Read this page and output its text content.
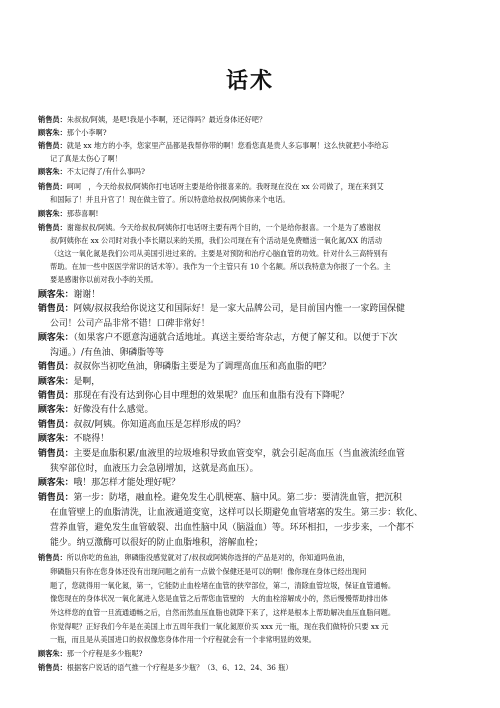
话术
销售员：朱叔叔/阿姨，是吧!我是小李啊，还记得吗？最近身体还好吧？
顾客朱：那个小李啊?
销售员：就是 xx 地方的小李，您家里产品都是我帮你带的啊！您看您真是贵人多忘事啊！这么快就把小李给忘
记了真是太伤心了啊！
顾客朱：不太记得了/有什么事吗?
销售员：呵呵　，今天给叔叔/阿姨你打电话呀主要是给你报喜来的。我呀现在没在 xx 公司做了，现在来到艾
和国际了！并且升官了！现在做主管了。所以特意给叔叔/阿姨你来个电话。
顾客朱：那恭喜啊!
销售员：谢谢叔叔/阿姨。今天给叔叔/阿姨你打电话呀主要有两个目的，一个是给你报喜。一个是为了感谢叔
叔/阿姨你在 xx 公司时对我小李长期以来的关照，我们公司现在有个活动是免费赠送一氧化氮/XX 的活动
（这这一氧化氮是我们公司从美国引进过来的。主要是对预防和治疗心脑血管的功效。针对什么三高特别有
帮助。在加一些中医医学常识的话术等）。我作为一个主管只有 10 个名额。所以我特意为你报了一个名。主
要是感谢你以前对我小李的关照。
顾客朱：谢谢！
销售员：阿姨/叔叔我给你说这艾和国际好！是一家大品牌公司，是目前国内惟一一家跨国保健
公司！公司产品非常不错！口碑非常好！
顾客朱：（如果客户不愿意沟通就合适地址。真送主要给寄杂志，方便了解艾和。以便于下次
沟通。）/有鱼油、卵磷脂等等
销售员：叔叔你当初吃鱼油，卵磷脂主要是为了调理高血压和高血脂的吧？
顾客朱：是啊，
销售员：那现在有没有达到你心目中理想的效果呢？血压和血脂有没有下降呢？
顾客朱：好像没有什么感觉。
销售员：叔叔/阿姨。你知道高血压是怎样形成的吗？
顾客朱：不晓得！
销售员：主要是血脂积累/血液里的垃圾堆积导致血管变窄，就会引起高血压（当血液流经血管
狭窄部位时，血液压力会急剧增加，这就是高血压）。
顾客朱：哦！那怎样才能处理好呢？
销售员：第一步：防堵，融血栓。避免发生心肌梗塞、脑中风。第二步：要清洗血管，把沉积
在血管壁上的血脂清洗，让血液通道变宽，这样可以长期避免血管堵塞的发生。第三步：软化、
营养血管，避免发生血管破裂、出血性脑中风（脑溢血）等。环环相扣，一步步来，一个都不
能少。纳豆激酶可以很好的防止血脂堆积，溶解血栓；
销售员：所以你吃的鱼油，卵磷脂没感觉就对了/叔叔或阿姨你选择的产品是对的，你知道吗鱼油，
卵磷脂只有你在您身体还没有出现问题之前有一点做个保健还是可以的啊！像你现在身体已经出现问
题了，您就得用一氧化氮，第一，它能防止血栓堵在血管的狭窄部位，第二，清除血管垃圾，保证血管通畅。
像您现在的身体状况一氧化氮进入您是血管之后帮您血管壁的　大的血栓溶解成小的，然后慢慢帮助排出体
外这样您的血管一旦流通通畅之后，自然而然血压血脂也就降下来了，这样是根本上帮助解决血压血脂问题。
你觉得呢？正好我们今年是在美国上市五周年我们一氧化氮原价买 xxx 元一瓶，现在我们做特价只要 xx 元
一瓶，而且是从美国进口的叔叔像您身体作用一个疗程就会有一个非常明显的效果。
顾客朱：那一个疗程是多少瓶呢?
销售员：根据客户说话的语气推一个疗程是多少瓶？（3、6、12、24、36 瓶）
